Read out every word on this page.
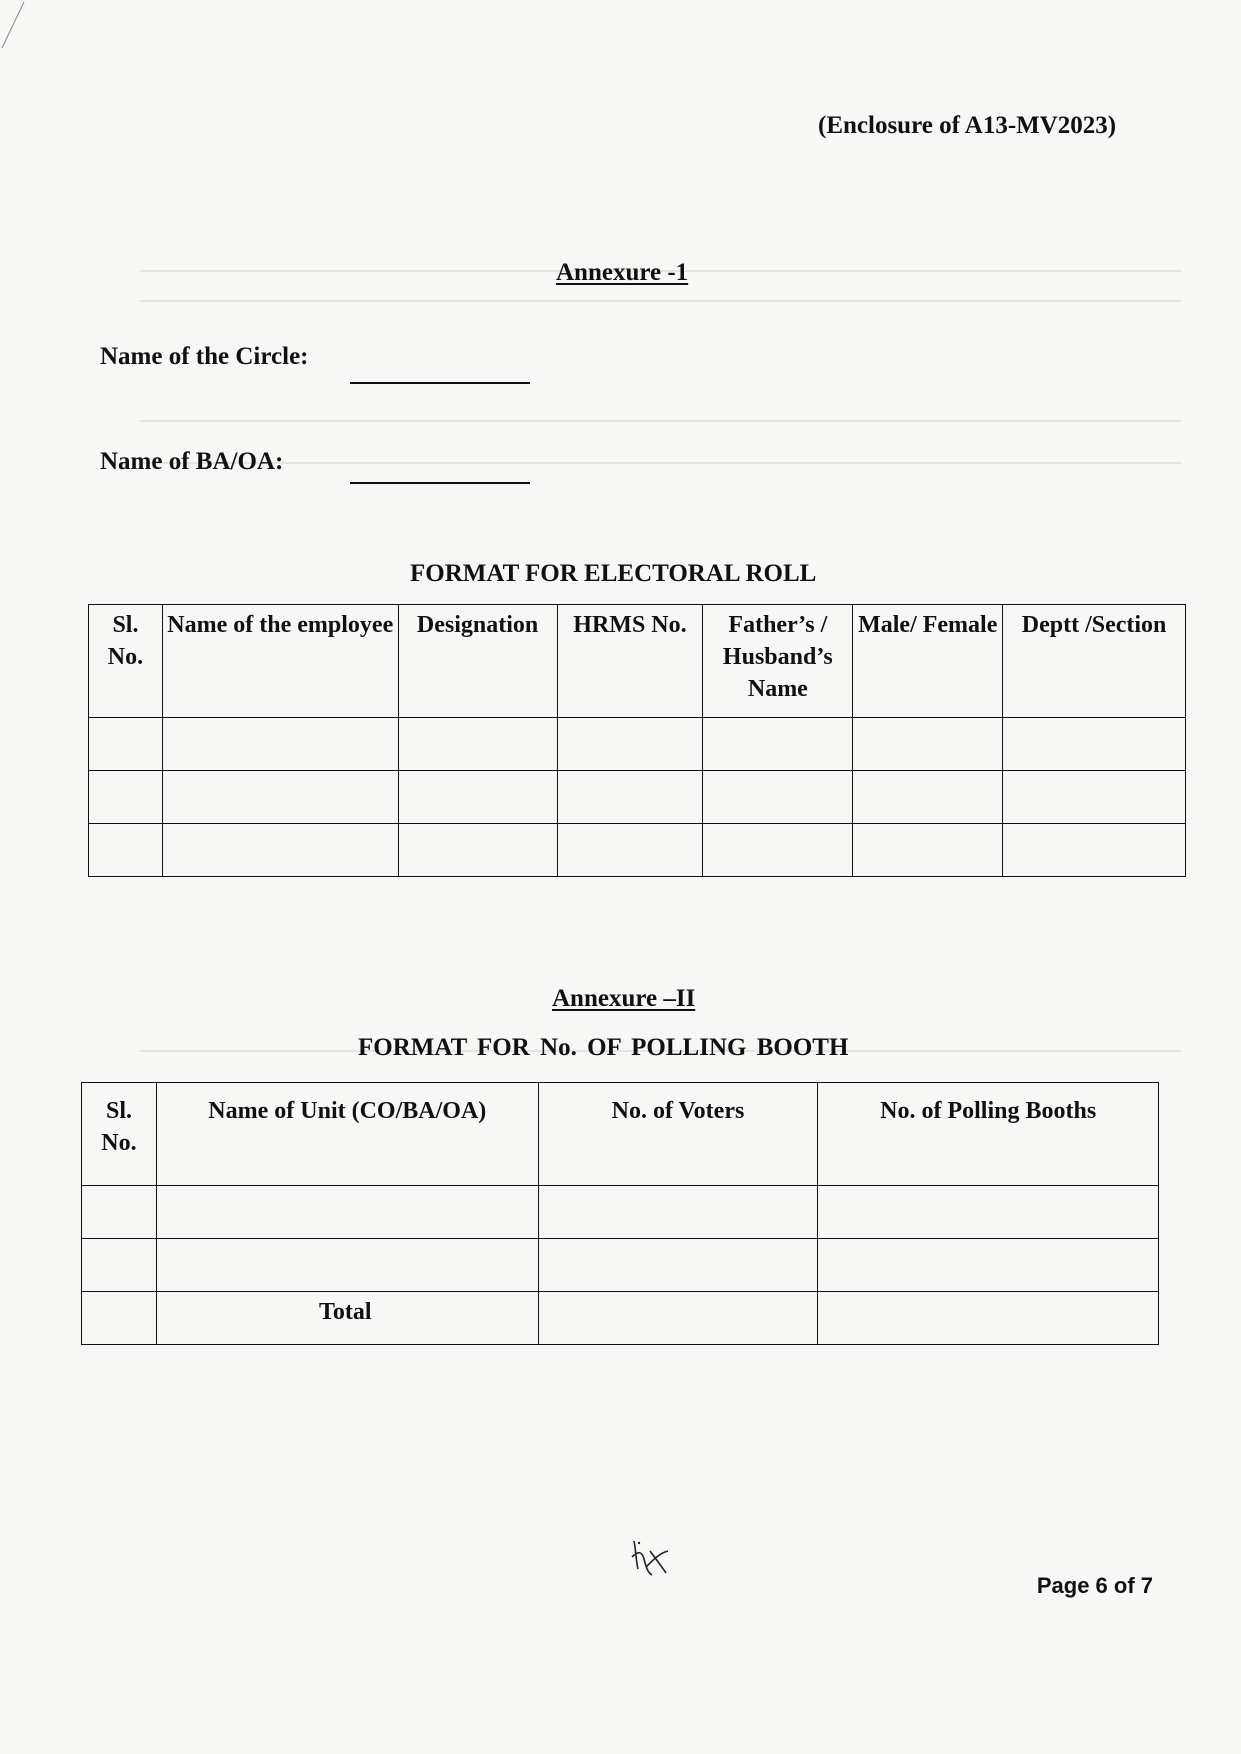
(Enclosure of A13-MV2023)
Annexure -1
Name of the Circle:
Name of BA/OA:
FORMAT FOR ELECTORAL ROLL
Sl. No.	Name of the employee	Designation	HRMS No.	Father’s / Husband’s Name	Male/ Female	Deptt /Section

Annexure –II
FORMAT FOR No. OF POLLING BOOTH
Sl. No.	Name of Unit (CO/BA/OA)	No. of Voters	No. of Polling Booths

	Total		
Page 6 of 7
